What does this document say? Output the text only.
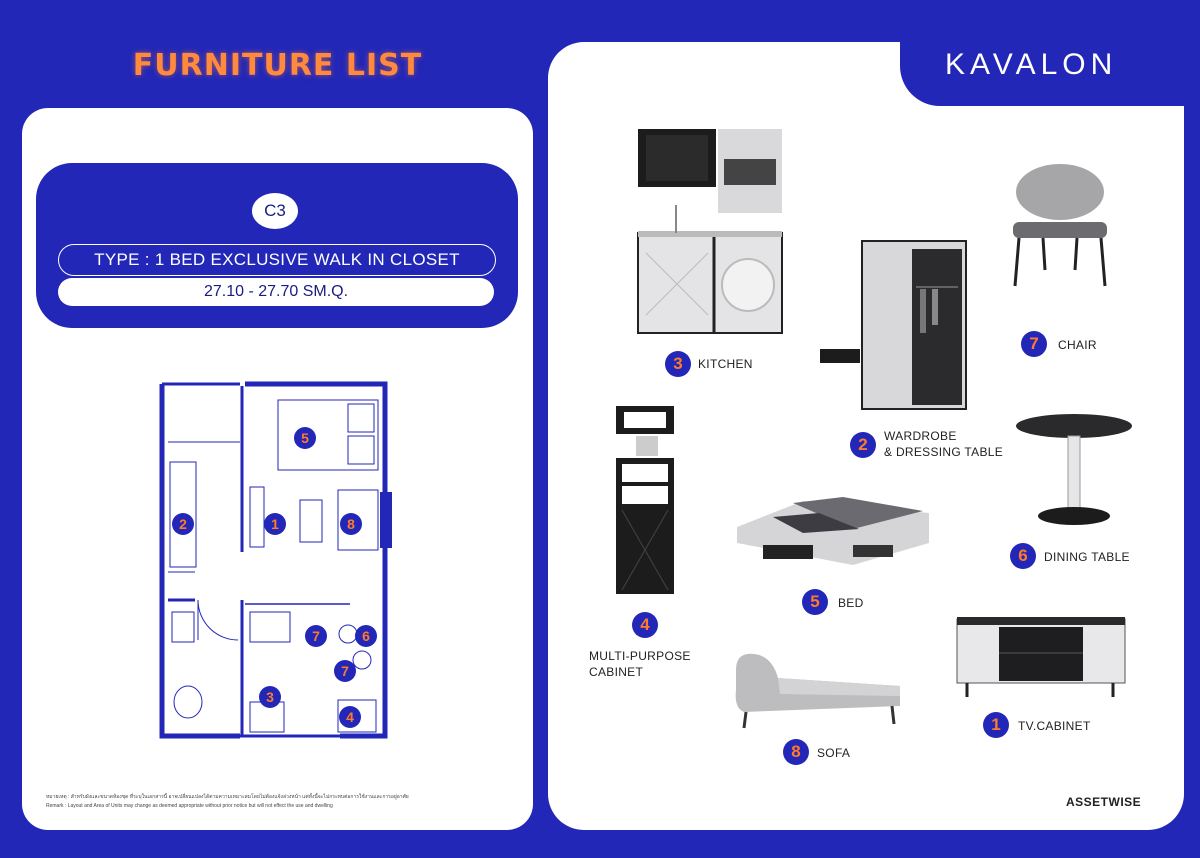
FURNITURE LIST
C3
TYPE : 1 BED EXCLUSIVE WALK IN CLOSET
27.10 - 27.70 SM.Q.
5
2	1	8
7	6
7
3
4
หมายเหตุ : สำหรับผังและขนาดห้องชุด ที่ระบุในเอกสารนี้ อาจเปลี่ยนแปลงได้ตามความเหมาะสมโดยไม่ต้องแจ้งล่วงหน้า แต่ทั้งนี้จะไม่กระทบต่อการใช้งานและการอยู่อาศัย
Remark : Layout and Area of Units may change as deemed appropriate without prior notice but will not effect the use and dwelling
KAVALON
ASSETWISE
3	KITCHEN
7	CHAIR
2	WARDROBE
& DRESSING TABLE
4
MULTI-PURPOSE
CABINET
6	DINING TABLE
5	BED
1	TV.CABINET
8	SOFA
